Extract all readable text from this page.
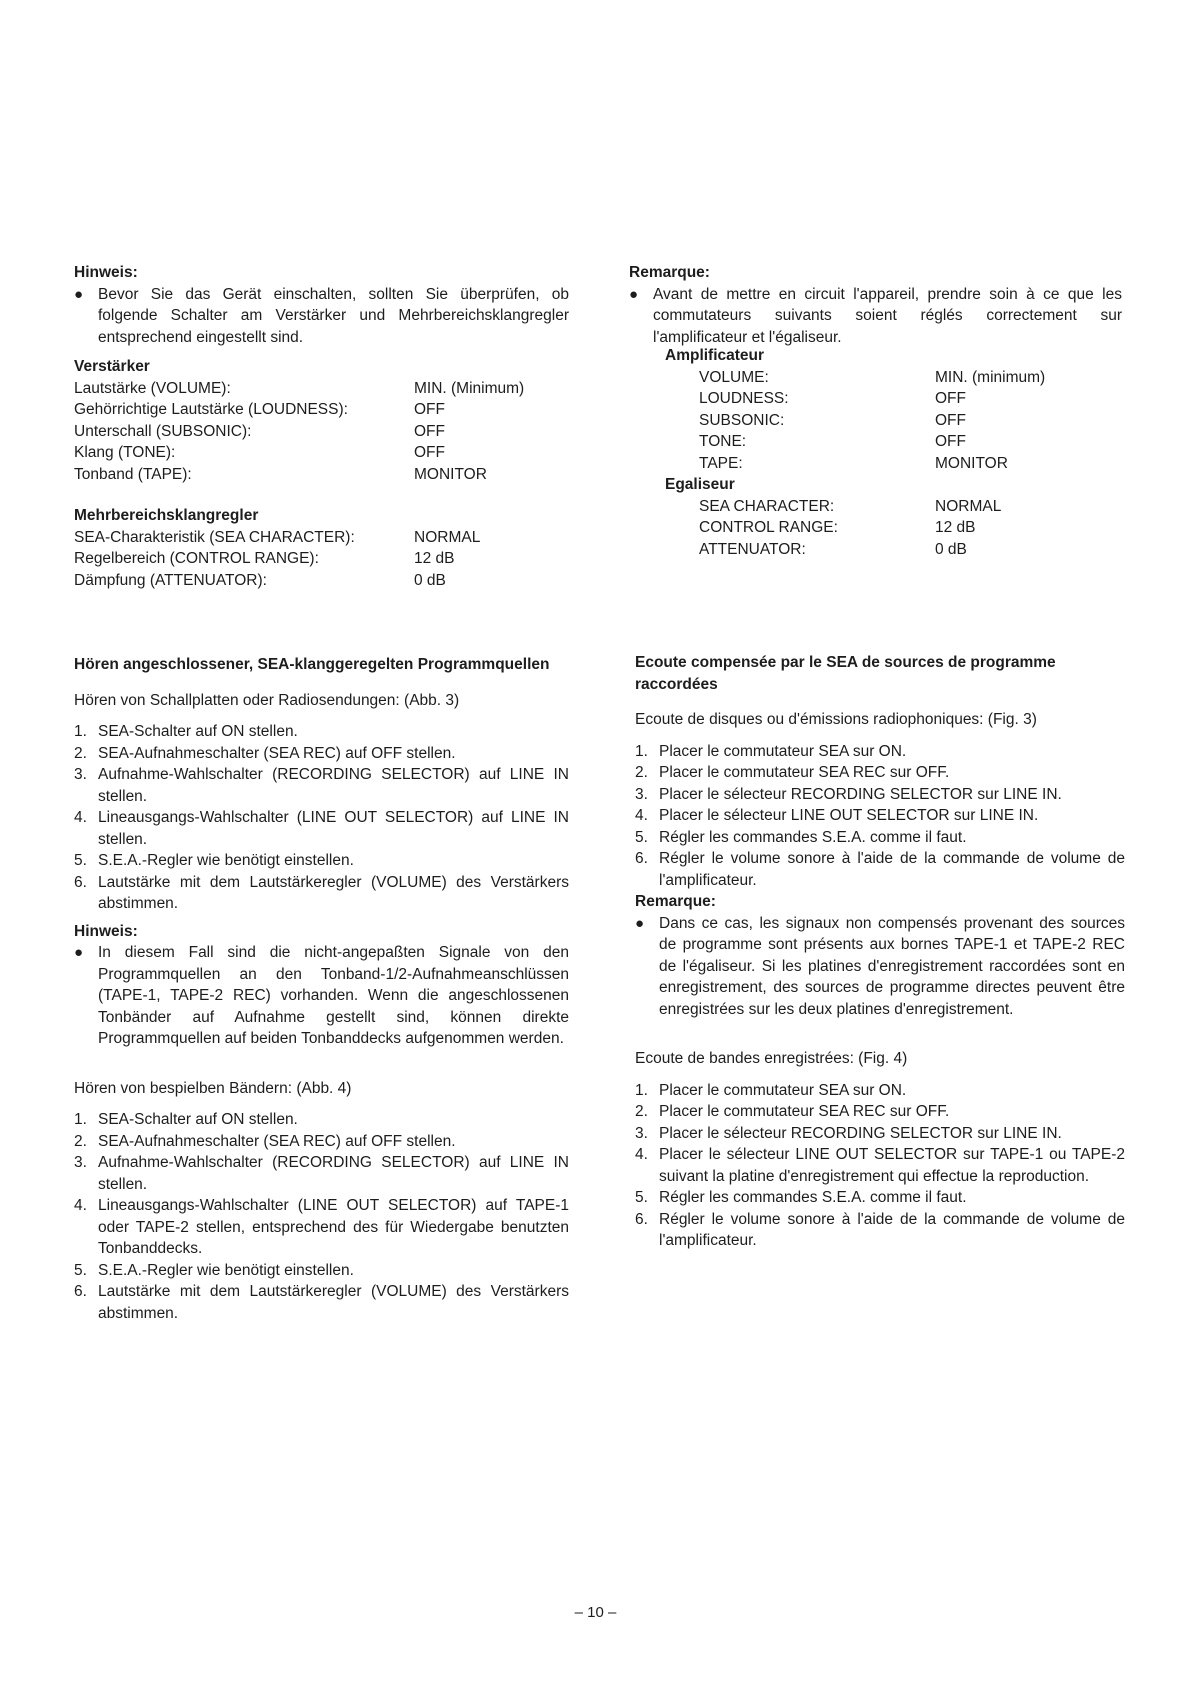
Hinweis:
● Bevor Sie das Gerät einschalten, sollten Sie überprüfen, ob folgende Schalter am Verstärker und Mehrbereichsklangregler entsprechend eingestellt sind.
Verstärker
Lautstärke (VOLUME):	MIN. (Minimum)
Gehörrichtige Lautstärke (LOUDNESS):	OFF
Unterschall (SUBSONIC):	OFF
Klang (TONE):	OFF
Tonband (TAPE):	MONITOR
Mehrbereichsklangregler
SEA-Charakteristik (SEA CHARACTER):	NORMAL
Regelbereich (CONTROL RANGE):	12 dB
Dämpfung (ATTENUATOR):	0 dB
Hören angeschlossener, SEA-klanggeregelten Programmquellen

Hören von Schallplatten oder Radiosendungen: (Abb. 3)

1. SEA-Schalter auf ON stellen.
2. SEA-Aufnahmeschalter (SEA REC) auf OFF stellen.
3. Aufnahme-Wahlschalter (RECORDING SELECTOR) auf LINE IN stellen.
4. Lineausgangs-Wahlschalter (LINE OUT SELECTOR) auf LINE IN stellen.
5. S.E.A.-Regler wie benötigt einstellen.
6. Lautstärke mit dem Lautstärkeregler (VOLUME) des Verstärkers abstimmen.
Hinweis:
● In diesem Fall sind die nicht-angepaßten Signale von den Programmquellen an den Tonband-1/2-Aufnahmeanschlüssen (TAPE-1, TAPE-2 REC) vorhanden. Wenn die angeschlossenen Tonbänder auf Aufnahme gestellt sind, können direkte Programmquellen auf beiden Tonbanddecks aufgenommen werden.

Hören von bespielben Bändern: (Abb. 4)

1. SEA-Schalter auf ON stellen.
2. SEA-Aufnahmeschalter (SEA REC) auf OFF stellen.
3. Aufnahme-Wahlschalter (RECORDING SELECTOR) auf LINE IN stellen.
4. Lineausgangs-Wahlschalter (LINE OUT SELECTOR) auf TAPE-1 oder TAPE-2 stellen, entsprechend des für Wiedergabe benutzten Tonbanddecks.
5. S.E.A.-Regler wie benötigt einstellen.
6. Lautstärke mit dem Lautstärkeregler (VOLUME) des Verstärkers abstimmen.
Remarque:
● Avant de mettre en circuit l'appareil, prendre soin à ce que les commutateurs suivants soient réglés correctement sur l'amplificateur et l'égaliseur.
Amplificateur
VOLUME:	MIN. (minimum)
LOUDNESS:	OFF
SUBSONIC:	OFF
TONE:	OFF
TAPE:	MONITOR
Egaliseur
SEA CHARACTER:	NORMAL
CONTROL RANGE:	12 dB
ATTENUATOR:	0 dB
Ecoute compensée par le SEA de sources de programme raccordées

Ecoute de disques ou d'émissions radiophoniques: (Fig. 3)

1. Placer le commutateur SEA sur ON.
2. Placer le commutateur SEA REC sur OFF.
3. Placer le sélecteur RECORDING SELECTOR sur LINE IN.
4. Placer le sélecteur LINE OUT SELECTOR sur LINE IN.
5. Régler les commandes S.E.A. comme il faut.
6. Régler le volume sonore à l'aide de la commande de volume de l'amplificateur.
Remarque:
● Dans ce cas, les signaux non compensés provenant des sources de programme sont présents aux bornes TAPE-1 et TAPE-2 REC de l'égaliseur. Si les platines d'enregistrement raccordées sont en enregistrement, des sources de programme directes peuvent être enregistrées sur les deux platines d'enregistrement.

Ecoute de bandes enregistrées: (Fig. 4)

1. Placer le commutateur SEA sur ON.
2. Placer le commutateur SEA REC sur OFF.
3. Placer le sélecteur RECORDING SELECTOR sur LINE IN.
4. Placer le sélecteur LINE OUT SELECTOR sur TAPE-1 ou TAPE-2 suivant la platine d'enregistrement qui effectue la reproduction.
5. Régler les commandes S.E.A. comme il faut.
6. Régler le volume sonore à l'aide de la commande de volume de l'amplificateur.
– 10 –
